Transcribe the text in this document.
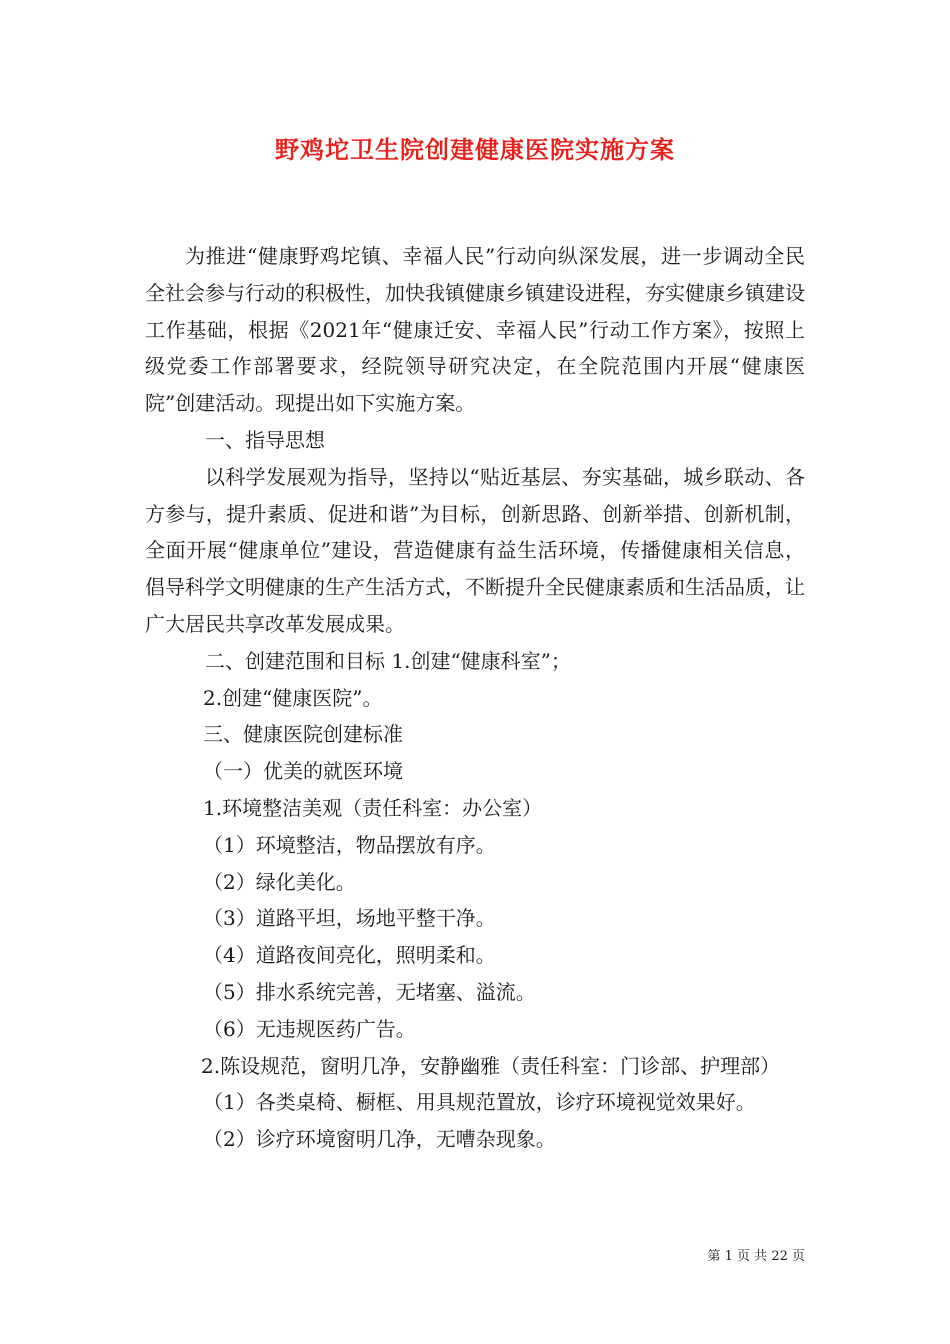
野鸡坨卫生院创建健康医院实施方案

为推进“健康野鸡坨镇、幸福人民”行动向纵深发展，进一步调动全民全社会参与行动的积极性，加快我镇健康乡镇建设进程，夯实健康乡镇建设工作基础，根据《2021年“健康迁安、幸福人民”行动工作方案》，按照上级党委工作部署要求，经院领导研究决定，在全院范围内开展“健康医院”创建活动。现提出如下实施方案。

一、指导思想

以科学发展观为指导，坚持以“贴近基层、夯实基础，城乡联动、各方参与，提升素质、促进和谐”为目标，创新思路、创新举措、创新机制，全面开展“健康单位”建设，营造健康有益生活环境，传播健康相关信息，倡导科学文明健康的生产生活方式，不断提升全民健康素质和生活品质，让广大居民共享改革发展成果。

二、创建范围和目标 1.创建“健康科室”；

2.创建“健康医院”。

三、健康医院创建标准

（一）优美的就医环境

1.环境整洁美观（责任科室：办公室）

（1）环境整洁，物品摆放有序。

（2）绿化美化。

（3）道路平坦，场地平整干净。

（4）道路夜间亮化，照明柔和。

（5）排水系统完善，无堵塞、溢流。

（6）无违规医药广告。

2.陈设规范，窗明几净，安静幽雅（责任科室：门诊部、护理部）

（1）各类桌椅、橱框、用具规范置放，诊疗环境视觉效果好。

（2）诊疗环境窗明几净，无嘈杂现象。

第 1 页 共 22 页
